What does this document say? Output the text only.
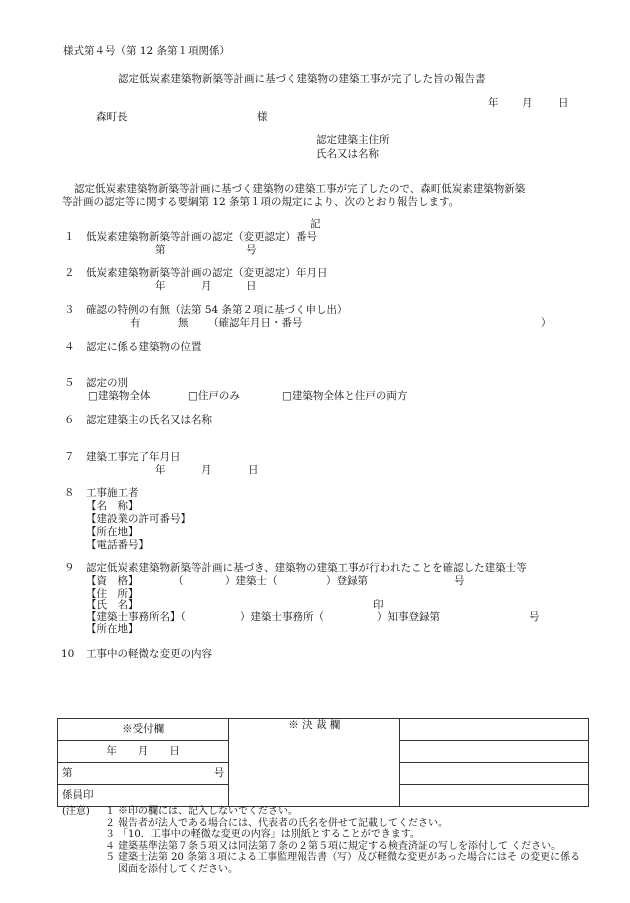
様式第４号（第 12 条第１項関係）
認定低炭素建築物新築等計画に基づく建築物の建築工事が完了した旨の報告書
年 月 日
森町長	様
認定建築主住所
氏名又は名称
認定低炭素建築物新築等計画に基づく建築物の建築工事が完了したので、森町低炭素建築物新築
等計画の認定等に関する要綱第 12 条第１項の規定により、次のとおり報告します。
記
１ 低炭素建築物新築等計画の認定（変更認定）番号
第	号
２ 低炭素建築物新築等計画の認定（変更認定）年月日
年	月	日
３ 確認の特例の有無（法第 54 条第２項に基づく申し出）
有	無 （確認年月日・番号	）
４ 認定に係る建築物の位置
５ 認定の別
□建築物全体	□住戸のみ	□建築物全体と住戸の両方
６ 認定建築主の氏名又は名称
７ 建築工事完了年月日
年	月	日
８ 工事施工者
【名　称】
【建設業の許可番号】
【所在地】
【電話番号】
９ 認定低炭素建築物新築等計画に基づき、建築物の建築工事が行われたことを確認した建築士等
【資　格】	（	）建築士（	）登録第	号
【住　所】
【氏　名】	印
【建築士事務所名】（	）建築士事務所（	）知事登録第	号
【所在地】
10 工事中の軽微な変更の内容
※受付欄	※ 決 裁 欄	
年　　月　　日		
第 号		

係員印		
(注意)	１ ※印の欄には、記入しないでください。
２ 報告者が法人である場合には、代表者の氏名を併せて記載してください。
３ 「10．工事中の軽微な変更の内容」は別紙とすることができます。
４ 建築基準法第７条５項又は同法第７条の２第５項に規定する検査済証の写しを添付して ください。
５ 建築士法第 20 条第３項による工事監理報告書（写）及び軽微な変更があった場合にはそ の変更に係る図面を添付してください。
